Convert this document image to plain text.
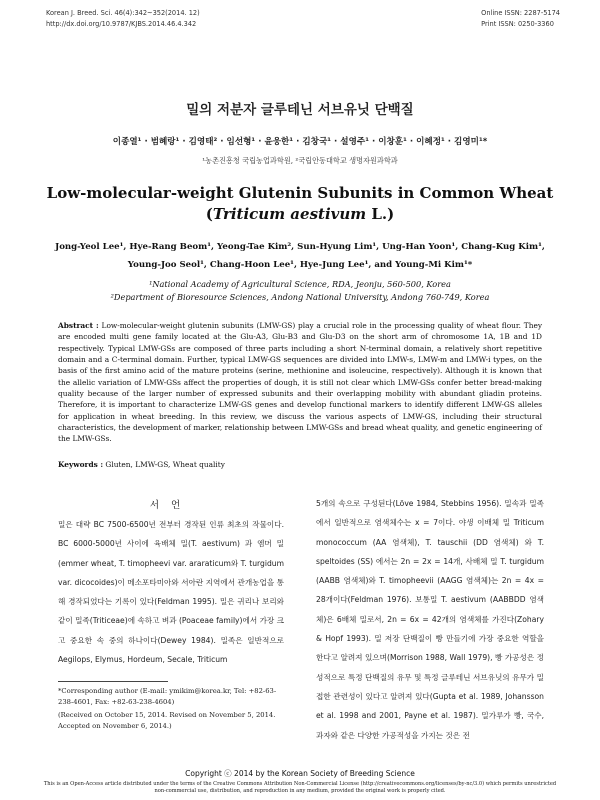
Korean J. Breed. Sci. 46(4):342~352(2014. 12)
http://dx.doi.org/10.9787/KJBS.2014.46.4.342
Online ISSN: 2287-5174
Print ISSN: 0250-3360
밀의 저분자 글루테닌 서브유닛 단백질
이종열¹ · 범혜랑¹ · 김영태² · 임선형¹ · 윤웅한¹ · 김창국¹ · 설영주¹ · 이창훈¹ · 이혜정¹ · 김영미¹*
¹농촌진흥청 국립농업과학원, ²국립안동대학교 생명자원과학과
Low-molecular-weight Glutenin Subunits in Common Wheat
(Triticum aestivum L.)
Jong-Yeol Lee¹, Hye-Rang Beom¹, Yeong-Tae Kim², Sun-Hyung Lim¹, Ung-Han Yoon¹, Chang-Kug Kim¹,
Young-Joo Seol¹, Chang-Hoon Lee¹, Hye-Jung Lee¹, and Young-Mi Kim¹*
¹National Academy of Agricultural Science, RDA, Jeonju, 560-500, Korea
²Department of Bioresource Sciences, Andong National University, Andong 760-749, Korea
Abstract : Low-molecular-weight glutenin subunits (LMW-GS) play a crucial role in the processing quality of wheat flour. They are encoded multi gene family located at the Glu-A3, Glu-B3 and Glu-D3 on the short arm of chromosome 1A, 1B and 1D respectively. Typical LMW-GSs are composed of three parts including a short N-terminal domain, a relatively short repetitive domain and a C-terminal domain. Further, typical LMW-GS sequences are divided into LMW-s, LMW-m and LMW-i types, on the basis of the first amino acid of the mature proteins (serine, methionine and isoleucine, respectively). Although it is known that the allelic variation of LMW-GSs affect the properties of dough, it is still not clear which LMW-GSs confer better bread-making quality because of the larger number of expressed subunits and their overlapping mobility with abundant gliadin proteins. Therefore, it is important to characterize LMW-GS genes and develop functional markers to identify different LMW-GS alleles for application in wheat breeding. In this review, we discuss the various aspects of LMW-GS, including their structural characteristics, the development of marker, relationship between LMW-GSs and bread wheat quality, and genetic engineering of the LMW-GSs.
Keywords : Gluten, LMW-GS, Wheat quality
서언
밀은 대략 BC 7500-6500년 전부터 경작된 인류 최초의 작물이다. BC 6000-5000년 사이에 육배체 밀(T. aestivum) 과 엠머 밀(emmer wheat, T. timopheevi var. araraticum와 T. turgidum var. dicocoides)이 메소포타미아와 서아란 지역에서 관개농업을 통해 경작되었다는 기록이 있다(Feldman 1995). 밀은 귀리나 보리와 같이 밀족(Triticeae)에 속하고 벼과 (Poaceae family)에서 가장 크고 중요한 속 중의 하나이다(Dewey 1984). 밀족은 일반적으로 Aegilops, Elymus, Hordeum, Secale, Triticum
5개의 속으로 구성된다(Löve 1984, Stebbins 1956). 밀속과 밀족에서 일반적으로 염색체수는 x = 7이다. 야생 이배체 밀 Triticum monococcum (AA 염색체), T. tauschii (DD 염색체) 와 T. speltoides (SS) 에서는 2n = 2x = 14개, 사배체 밀 T. turgidum (AABB 염색체)와 T. timopheevii (AAGG 염색체)는 2n = 4x = 28개이다(Feldman 1976). 보통밀 T. aestivum (AABBDD 염색체)은 6배체 밀로서, 2n = 6x = 42개의 염색체를 가진다(Zohary & Hopf 1993). 밀 저장 단백질이 빵 만들기에 가장 중요한 역할을 한다고 알려져 있으며(Morrison 1988, Wall 1979), 빵 가공성은 정성적으로 특정 단백질의 유무 및 특정 글루테닌 서브유닛의 유무가 밀접한 관련성이 있다고 알려져 있다(Gupta et al. 1989, Johansson et al. 1998 and 2001, Payne et al. 1987). 밀가루가 빵, 국수, 과자와 같은 다양한 가공적성을 가지는 것은 전
*Corresponding author (E-mail: ymikim@korea.kr, Tel: +82-63-238-4601, Fax: +82-63-238-4604)
(Received on October 15, 2014. Revised on November 5, 2014. Accepted on November 6, 2014.)
Copyright ⓒ 2014 by the Korean Society of Breeding Science
This is an Open-Access article distributed under the terms of the Creative Commons Attribution Non-Commercial License (http://creativecommons.org/licenses/by-nc/3.0) which permits unrestricted non-commercial use, distribution, and reproduction in any medium, provided the original work is properly cited.
